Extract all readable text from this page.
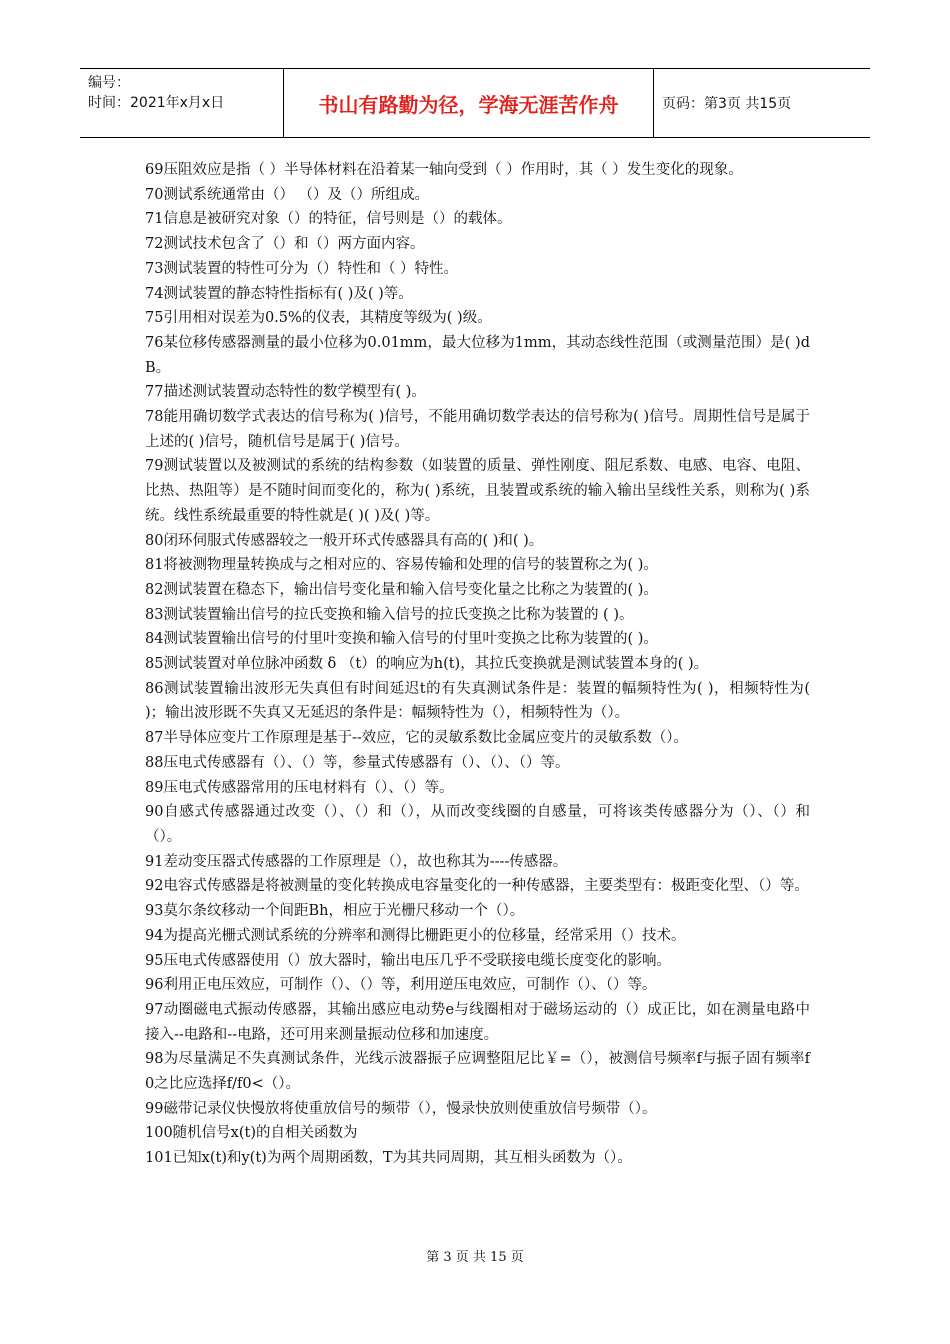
编号：
时间：2021年x月x日	书山有路勤为径，学海无涯苦作舟	页码：第3页 共15页

69压阻效应是指（ ）半导体材料在沿着某一轴向受到（ ）作用时，其（ ）发生变化的现象。

70测试系统通常由（） （）及（）所组成。

71信息是被研究对象（）的特征，信号则是（）的载体。

72测试技术包含了（）和（）两方面内容。

73测试装置的特性可分为（）特性和（ ）特性。

74测试装置的静态特性指标有( )及( )等。

75引用相对误差为0.5%的仪表，其精度等级为( )级。

76某位移传感器测量的最小位移为0.01mm，最大位移为1mm，其动态线性范围（或测量范围）是( )dB。

77描述测试装置动态特性的数学模型有( )。

78能用确切数学式表达的信号称为( )信号，不能用确切数学表达的信号称为( )信号。周期性信号是属于上述的( )信号，随机信号是属于( )信号。

79测试装置以及被测试的系统的结构参数（如装置的质量、弹性刚度、阻尼系数、电感、电容、电阻、比热、热阻等）是不随时间而变化的，称为( )系统，且装置或系统的输入输出呈线性关系，则称为( )系统。线性系统最重要的特性就是( )( )及( )等。

80闭环伺服式传感器较之一般开环式传感器具有高的( )和( )。

81将被测物理量转换成与之相对应的、容易传输和处理的信号的装置称之为( )。

82测试装置在稳态下，输出信号变化量和输入信号变化量之比称之为装置的( )。

83测试装置输出信号的拉氏变换和输入信号的拉氏变换之比称为装置的 ( )。

84测试装置输出信号的付里叶变换和输入信号的付里叶变换之比称为装置的( )。

85测试装置对单位脉冲函数 δ （t）的响应为h(t)，其拉氏变换就是测试装置本身的( )。

86测试装置输出波形无失真但有时间延迟t的有失真测试条件是：装置的幅频特性为( )，相频特性为( )；输出波形既不失真又无延迟的条件是：幅频特性为（），相频特性为（）。

87半导体应变片工作原理是基于--效应，它的灵敏系数比金属应变片的灵敏系数（）。

88压电式传感器有（）、（）等，参量式传感器有（）、（）、（）等。

89压电式传感器常用的压电材料有（）、（）等。

90自感式传感器通过改变（）、（）和（），从而改变线圈的自感量，可将该类传感器分为（）、（）和（）。

91差动变压器式传感器的工作原理是（），故也称其为----传感器。

92电容式传感器是将被测量的变化转换成电容量变化的一种传感器，主要类型有：极距变化型、（）等。

93莫尔条纹移动一个间距Bh，相应于光栅尺移动一个（）。

94为提高光栅式测试系统的分辨率和测得比栅距更小的位移量，经常采用（）技术。

95压电式传感器使用（）放大器时，输出电压几乎不受联接电缆长度变化的影响。

96利用正电压效应，可制作（）、（）等，利用逆压电效应，可制作（）、（）等。

97动圈磁电式振动传感器，其输出感应电动势e与线圈相对于磁场运动的（）成正比，如在测量电路中接入--电路和--电路，还可用来测量振动位移和加速度。

98为尽量满足不失真测试条件，光线示波器振子应调整阻尼比￥=（），被测信号频率f与振子固有频率f0之比应选择f/f0<（）。

99磁带记录仪快慢放将使重放信号的频带（），慢录快放则使重放信号频带（）。

100随机信号x(t)的自相关函数为

101已知x(t)和y(t)为两个周期函数，T为其共同周期，其互相头函数为（）。

第 3 页 共 15 页
